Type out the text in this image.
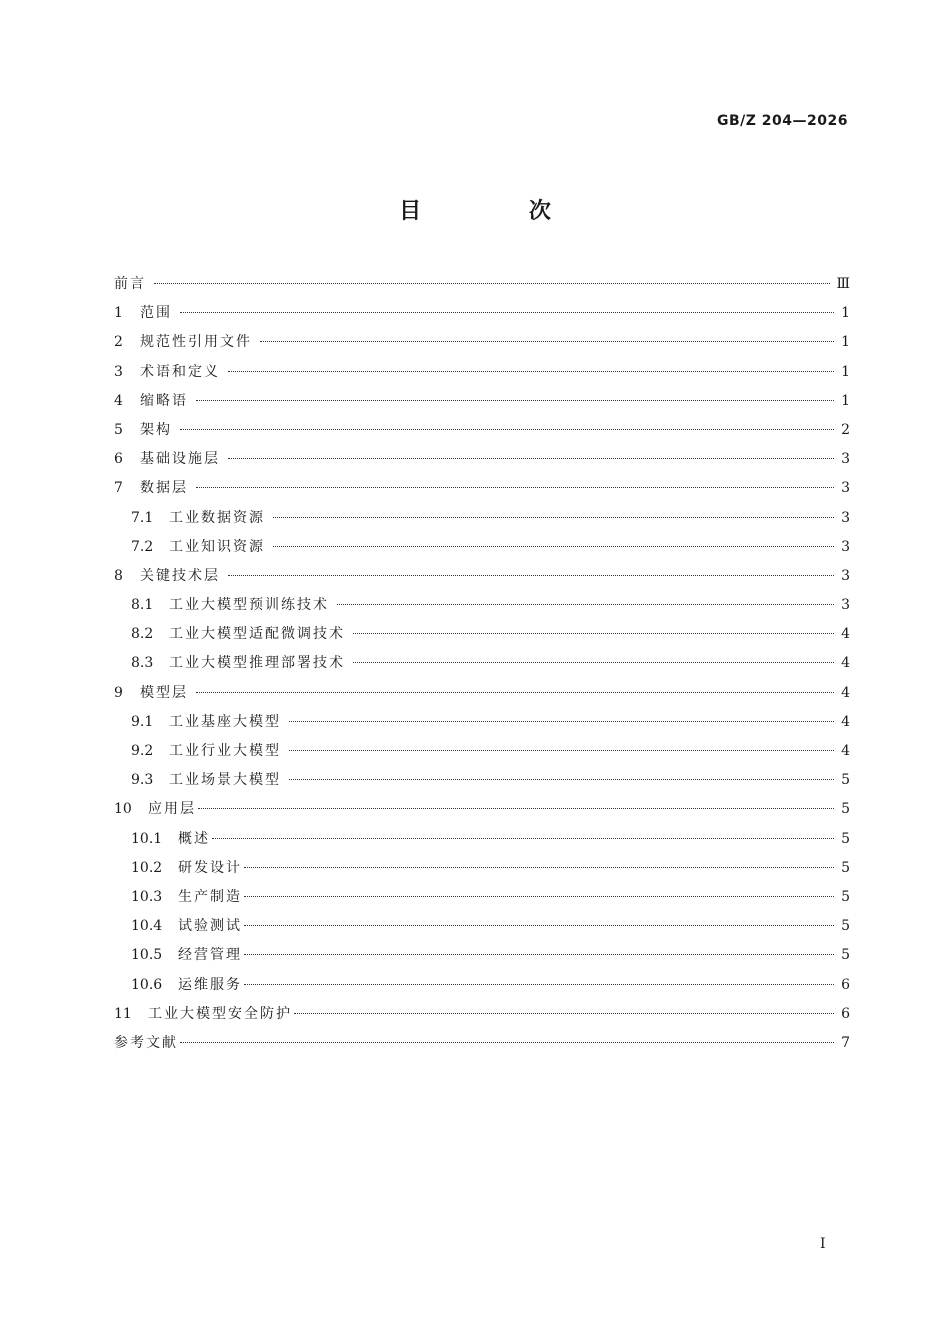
GB/Z 204—2026
目 次
前言	Ⅲ
1	范围	1
2	规范性引用文件	1
3	术语和定义	1
4	缩略语	1
5	架构	2
6	基础设施层	3
7	数据层	3
7.1	工业数据资源	3
7.2	工业知识资源	3
8	关键技术层	3
8.1	工业大模型预训练技术	3
8.2	工业大模型适配微调技术	4
8.3	工业大模型推理部署技术	4
9	模型层	4
9.1	工业基座大模型	4
9.2	工业行业大模型	4
9.3	工业场景大模型	5
10	应用层	5
10.1	概述	5
10.2	研发设计	5
10.3	生产制造	5
10.4	试验测试	5
10.5	经营管理	5
10.6	运维服务	6
11	工业大模型安全防护	6
参考文献	7
I
